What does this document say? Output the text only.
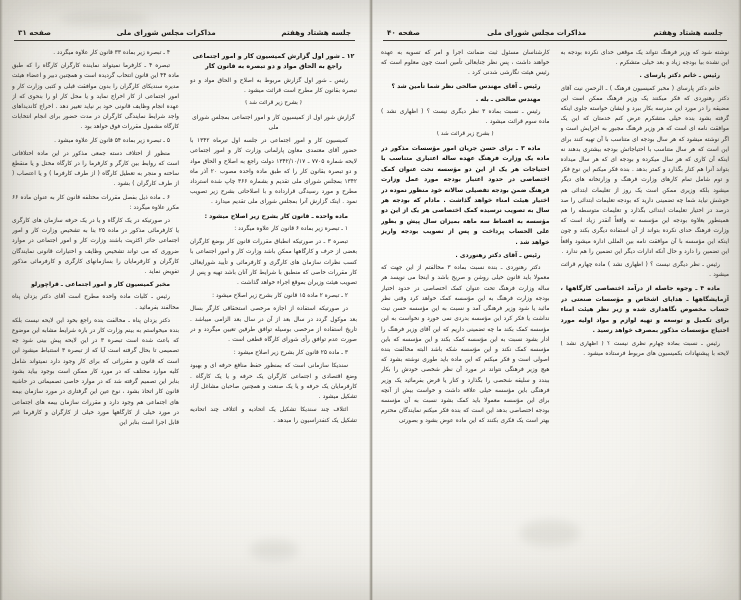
جلسه هشتاد وهفتم
مذاکرات مجلس شورای ملی
صفحه ۴۰
نوشته شود که وزیر فرهنگ نتواند یک موقعی خدای نکرده بودجه به این نشده بیا بودجه زیاد و بعد خیلی متشکرم .
رئیس ـ خانم دکتر پارسای .
خانم دکتر پارسای ( مخبر کمیسیون فرهنگ ) ـ الرحمن نیت آقای دکتر رهنوردی که فکر میکنند یک وزیر فرهنگ ممکن است این مضیقه را در مورد این مدرسه بکار ببرد و ایشان خواسته جلوی اینکه گرفته بشود بنده خیلی متشکرم عرض کنم خدمتان که این یک موافقت نامه ای است که هر وزیر فرهنگ مجبور به اجرایش است و اگر نوشته میشود که هر سال بودجه ای متناسب با آن تهیه کنند برای این است که هر سال متناسب با احتیاجاتش بودجه بیشتری بدهند نه اینکه آن کاری که هر سال میکرده و بودجه ای که هر سال میداده بتواند آنرا هم کنار بگذارد و کمتر بدهد . بنده فکر میکنم این نوع فکر و توم شامل تمام کارهای وزارت فرهنگ و وزارتخانه های دیگر میشود بلکه وزیری ممکن است یک روز از تعلیمات ابتدائی هم خوشش نیاید شما چه تضمینی دارید که بودجه تعلیمات ابتدائی را صد درصد در اختیار تعلیمات ابتدائی بگذارد و تعلیمات متوسطه را هم همینطور بعلاوه بودجه این مؤسسه نه واقعاً آنقدر زیاد است که وزارت فرهنگ خدای نکرده بتواند از آن استفاده دیگری بکند و چون اینکه این مؤسسه با آن موافقت نامه بین المللی اداره میشود واقعاً این تضمین را دارد و حال آنکه ادارات دیگر این تضمین را هم ندارد .
رئیس ـ نظر دیگری نیست ؟ ( اظهاری نشد ) ماده چهارم قرائت میشود .
ماده ۴ ـ وجوه حاصله از درآمد اختصاصی کارگاهها ، آزمایشگاهها ـ هدایای اشخاص و مؤسسات صنعتی در حساب مخصوص نگاهداری شده و زیر نظر هیئت امناء برای تکمیل و توسعه و تهیه لوازم و مواد اولیه مورد احتیاج مؤسسات مذکور بمصرف خواهد رسید .
رئیس ـ نسبت بماده چهارم نظری نیست ؟ ( اظهاری نشد ) لایحه با پیشنهادات بکمیسیون های مربوط فرستاده میشود .
کارشناسان مسئول ثبت ضمانت اجرا و امر که تسویه به عهده خواهند داشت ، پس نظر جنابعالی تأمین است چون معلوم است که رئیس هیئت نگارشی شدنی کرد .
رئیس ـ آقای مهندس صالحی نظر شما تأمین شد ؟
مهندس صالحی ـ بله .
رئیس ـ نسبت بماده ۳ نظر دیگری نیست ؟ ( اظهاری نشد ) ماده سوم قرائت میشود .
( بشرح زیر قرائت شد )
ماده ۳ ـ برای حسن جریان امور مؤسسات مذکور در ماده یک وزارت فرهنگ عهده ساله اعتباری متناسب با احتیاجات هر یک از این دو مؤسسه تحت عنوان کمک اختصاصی در حدود اعتبار بودجه مورد عمل وزارت فرهنگ ضمن بودجه تفصیلی سالانه خود منظور نموده در اختیار هیئت امناء خواهد گذاشت . مادام که بودجه هر سال به تصویب نرسیده کمک اختصاصی هر یک از این دو مؤسسه به اقساط سه ماهه بمیزان سال پیش و بطور علی الحساب پرداخت و پس از تصویب بودجه واریز خواهد شد .
رئیس ـ آقای دکتر رهنوردی .
دکتر رهنوردی ـ بنده نسبت بماده ۳ مخالفتم از این جهت که معمولا باید قانون خیلی روشن و صریح باشد و اینجا می نویسد هر ساله وزارت فرهنگ تحت عنوان کمک اختصاصی در حدود اختیار بودجه وزارت فرهنگ به این مؤسسه کمک خواهد کرد وقتی نظر مائید یا شود وزیر فرهنگی آمد و نسبت به این مؤسسه حسن نیت نداشت یا فکر کرد این مؤسسه بدردی نمی خورد و نخواست به این مؤسسه کمک بکند ما چه تضمینی داریم که این آقای وزیر فرهنگ را ادار بشود نسبت به این مؤسسه کمک بکند و این مؤسسه که باین مؤسسه کمک نکند و این مؤسسه شکه باشد البته مخالفت بنده اصولی است و فکر میکنم که این ماده باید طوری نوشته بشود که هیچ وزیر فرهنگی نتواند در مورد آن نظر شخصی خودش را بکار ببندد و سلیقه شخصی را بگذارد و کنار یا قرض بفرمائید یک وزیر فرهنگی باین مؤسسه خیلی علاقه داشت و خواست بیش از آنچه برای این مؤسسه معمولا باید کمک بشود نسبت به آن مؤسسه بودجه اختصاصی بدهد این است که بنده فکر میکنم نمایندگان محترم بهتر است یک فکری بکنند که این ماده عوض بشود و بصورتی
جلسه هشتاد وهفتم
مذاکرات مجلس شورای ملی
صفحه ۳۱
۱۲ ـ شور اول گزارش کمیسیون کار و امور اجتماعی راجع به الحاق مواد و دو تبصره به قانون کار
رئیس ـ شور اول گزارش مربوط به اصلاح و الحاق مواد و دو تبصره بقانون کار مطرح است قرائت میشود .
( بشرح زیر قرائت شد )
گزارش شور اول از کمیسیون کار و امور اجتماعی بمجلس شورای ملی
کمیسیون کار و امور اجتماعی در جلسه اول تیرماه ۱۳۴۲ با حضور آقای معتمدی معاون پارلمانی وزارت کار و امور اجتماعی لایحه شماره ۷۷۰۵ ـ ۱۳۴۲/۱۰/۱۷ دولت راجع به اصلاح و الحاق مواد و دو تبصره بقانون کار را که طبق ماده واحده مصوب ۲۰ آذر ماه ۱۳۴۲ بمجلس شورای ملی تقدیم و بشماره ۳۶۶ چاپ شده استرداد مطرح و مورد رسیدگی قرارداده و با اصلاحاتی بشرح زیر تصویب نمود . اینک گزارش آنرا بمجلس شورای ملی تقدیم میدارد .
ماده واحده ـ قانون کار بشرح زیر اصلاح میشود :
۱ ـ تبصره زیر بماده ۶ قانون کار علاوه میگردد :
تبصره ۳ ـ در صورتیکه انطباق مقررات قانون کار بوضع کارگران بعضی از حرف و کارگاهها ممکن باشد وزارت کار و امور اجتماعی با کسب نظرات سازمان های کارگری و کارفرمائی و تأیید شورایعالی کار مقررات خاصی که منطبق با شرایط کار آنان باشد تهیه و پس از تصویب هیئت وزیران بموقع اجراء خواهد گذاشت .
۲ ـ تبصره ۲ ماده ۱۵ قانون کار بشرح زیر اصلاح میشود :
در صورتیکه استفاده از اجازه مرخصی استحقاقی کارگر بسال بعد موکول گردد در سال بعد از آن در سال بعد الزامی میباشد . تاریخ استفاده از مرخصی بوسیله توافق طرفین تعیین میگردد و در صورت عدم توافق رأی شورای کارگاه قطعی است .
۳ ـ ماده ۲۵ قانون کار بشرح زیر اصلاح میشود :
سندیکا سازمانی است که بمنظور حفظ منافع حرفه ای و بهبود وضع اقتصادی و اجتماعی کارگران یک حرفه و یا یک کارگاه . کارفرمایان یک حرفه و یا یک صنعت و همچنین صاحبان مشاغل آزاد تشکیل میشود .
ائتلاف چند سندیکا تشکیل یک اتحادیه و ائتلاف چند اتحادیه تشکیل یک کنفدراسیون را میدهد .
۴ ـ تبصره زیر بماده ۳۳ قانون کار علاوه میگردد .
تبصره ۴ ـ کارفرما نمیتواند نماینده کارگران کارگاه را که طبق ماده ۴۴ این قانون انتخاب گردیده است و همچنین دبیر و اعضاء هیئت مدیره سندیکای کارگران را بدون موافقت قبلی و کتبی وزارت کار و امور اجتماعی از کار اخراج نماید و یا محل کار او را بنحوی که از عهده انجام وظایف قانونی خود بر نیاید تغییر دهد . اخراج کاندیداهای واجد شرایط نمایندگی کارگران در مدت حضور برای انجام انتخابات کارگاه مشمول مقررات فوق خواهد بود .
۵ ـ تبصره زیر بماده ۵۴ قانون کار علاوه میشود .
منظور از اختلاف دسته جمعی مذکور در این ماده اختلافاتی است که روابط بین کارگر و کارفرما را در کارگاه مختل و یا منقطع ساخته و منجر به تعطیل کارگاه ( از طرف کارفرما ) و یا اعتصاب ( از طرف کارگران ) بشود .
۶ ـ ماده ذیل بفصل مقررات مختلفه قانون کار به عنوان ماده ۶۶ مکرر علاوه میگردد :
در صورتیکه در یک کارگاه و یا در یک حرفه سازمان های کارگری یا کارفرمائی مذکور در ماده ۲۵ بنا به تشخیص وزارت کار و امور اجتماعی حائز اکثریت باشند وزارت کار و امور اجتماعی در موارد ضروری که می تواند تشخیص وظایف و اختیارات قانونی نمایندگان کارگران و کارفرمایان را بسازمانهای کارگری و کارفرمائی مذکور تفویض نماید .
مخبر کمیسیون کار و امور اجتماعی ـ قراچورلو
رئیس ـ کلیات ماده واحده مطرح است آقای دکتر یزدان پناه مخالفند بفرمائید .
دکتر یزدان پناه ـ مخالفت بنده راجع بخود این لایحه نیست بلکه بنده میخواستم به بینم وزارت کار در باره شرایط مشابه این موضوع که باعث شده است تبصره ۳ در این لایحه پیش بینی شود چه تصمیمی تا بحال گرفته است آیا که از تبصره ۳ استنباط میشود این است که قانون و مقرراتی که برای کار وجود دارد نمیتواند شامل کلیه موارد مختلف که در مورد کار ممکن است بوجود بیاید بشود بنابر این تصمیم گرفته شد که در موارد خاصی تصمیماتی در حاشیه قانون کار اتخاذ بشود ، نوع عین این گرفتاری در مورد سازمان بیمه های اجتماعی هم وجود دارد و مقررات سازمان بیمه های اجتماعی در مورد خیلی از کارگاهها مورد خیلی از کارگران و کارفرما غیر قابل اجرا است بنابر این
